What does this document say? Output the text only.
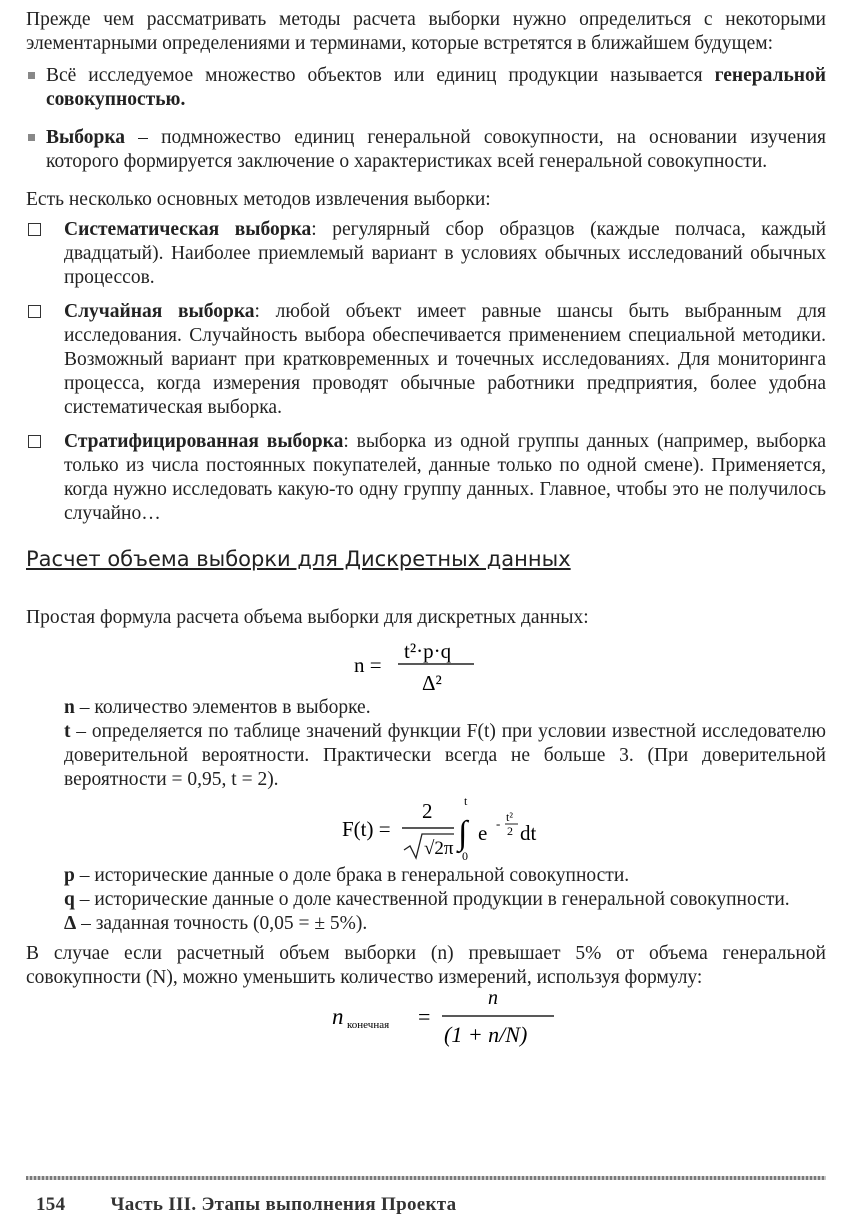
Прежде чем рассматривать методы расчета выборки нужно определиться с некоторыми элементарными определениями и терминами, которые встретятся в ближайшем будущем:

Всё исследуемое множество объектов или единиц продукции называется генеральной совокупностью.
Выборка – подмножество единиц генеральной совокупности, на основании изучения которого формируется заключение о характеристиках всей генеральной совокупности.

Есть несколько основных методов извлечения выборки:

Систематическая выборка: регулярный сбор образцов (каждые полчаса, каждый двадцатый). Наиболее приемлемый вариант в условиях обычных исследований обычных процессов.
Случайная выборка: любой объект имеет равные шансы быть выбранным для исследования. Случайность выбора обеспечивается применением специальной методики. Возможный вариант при кратковременных и точечных исследованиях. Для мониторинга процесса, когда измерения проводят обычные работники предприятия, более удобна систематическая выборка.
Стратифицированная выборка: выборка из одной группы данных (например, выборка только из числа постоянных покупателей, данные только по одной смене). Применяется, когда нужно исследовать какую-то одну группу данных. Главное, чтобы это не получилось случайно…
Расчет объема выборки для Дискретных данных

Простая формула расчета объема выборки для дискретных данных:

n =
t²·p·q
Δ²
n – количество элементов в выборке.
t – определяется по таблице значений функции F(t) при условии известной исследователю доверительной вероятности. Практически всегда не больше 3. (При доверительной вероятности = 0,95, t = 2).
F(t) =
2
√2π ∫
t
0
e - t²
2 dt
p – исторические данные о доле брака в генеральной совокупности.
q – исторические данные о доле качественной продукции в генеральной совокупности.
Δ – заданная точность (0,05 = ± 5%).

В случае если расчетный объем выборки (n) превышает 5% от объема генеральной совокупности (N), можно уменьшить количество измерений, используя формулу:

n конечная =
n
(1 + n/N)
154 Часть III. Этапы выполнения Проекта
